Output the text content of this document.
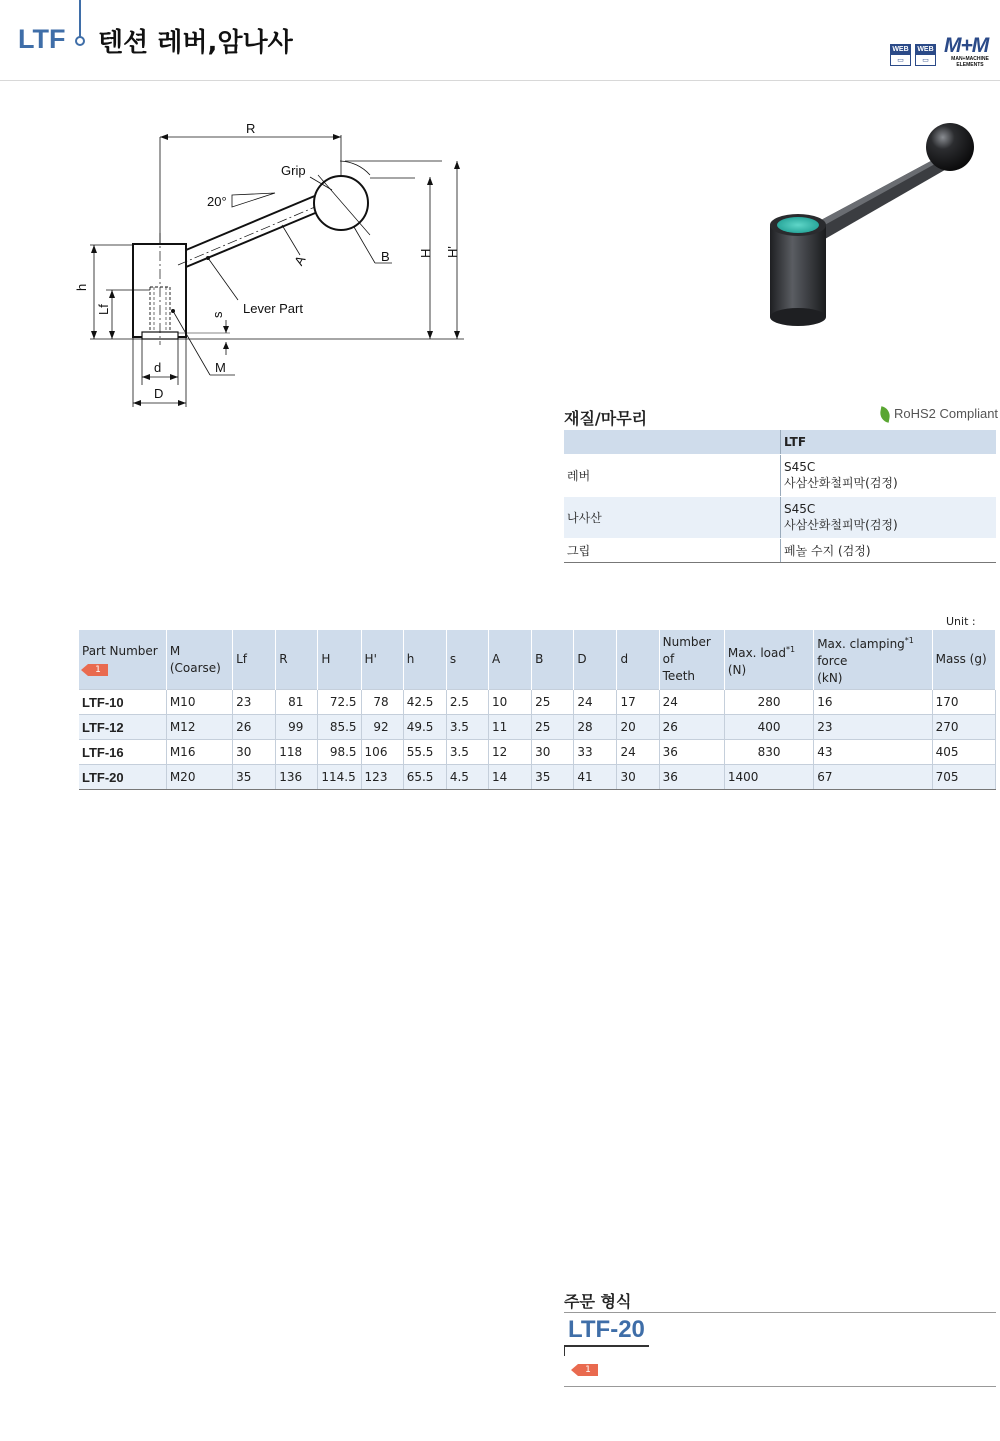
LTF 텐션 레버,암나사	WEB
▭
WEB
▭
M+M
MAN+MACHINE ELEMENTS
R
Grip
20°
A	B H H'
h
Lf	s Lever Part
M
d
D
재질/마무리	RoHS2 Compliant
	LTF
레버	S45C
사삼산화철피막(검정)

나사산	S45C
사삼산화철피막(검정)

그립	페놀 수지 (검정)
Unit :
Part Number
1	M
(Coarse)	Lf	R	H	H'	h	s	A	B	D	d	Number
of
Teeth	Max. load$^{*1}$
(N)	Max. clamping$^{*1}$
force
(kN)	Mass (g)
LTF-10	M10	23	81	72.5	78	42.5	2.5	10	25	24	17	24	280	16	170
LTF-12	M12	26	99	85.5	92	49.5	3.5	11	25	28	20	26	400	23	270
LTF-16	M16	30	118	98.5	106	55.5	3.5	12	30	33	24	36	830	43	405
LTF-20	M20	35	136	114.5	123	65.5	4.5	14	35	41	30	36	1400	67	705
주문 형식
LTF-20
1
